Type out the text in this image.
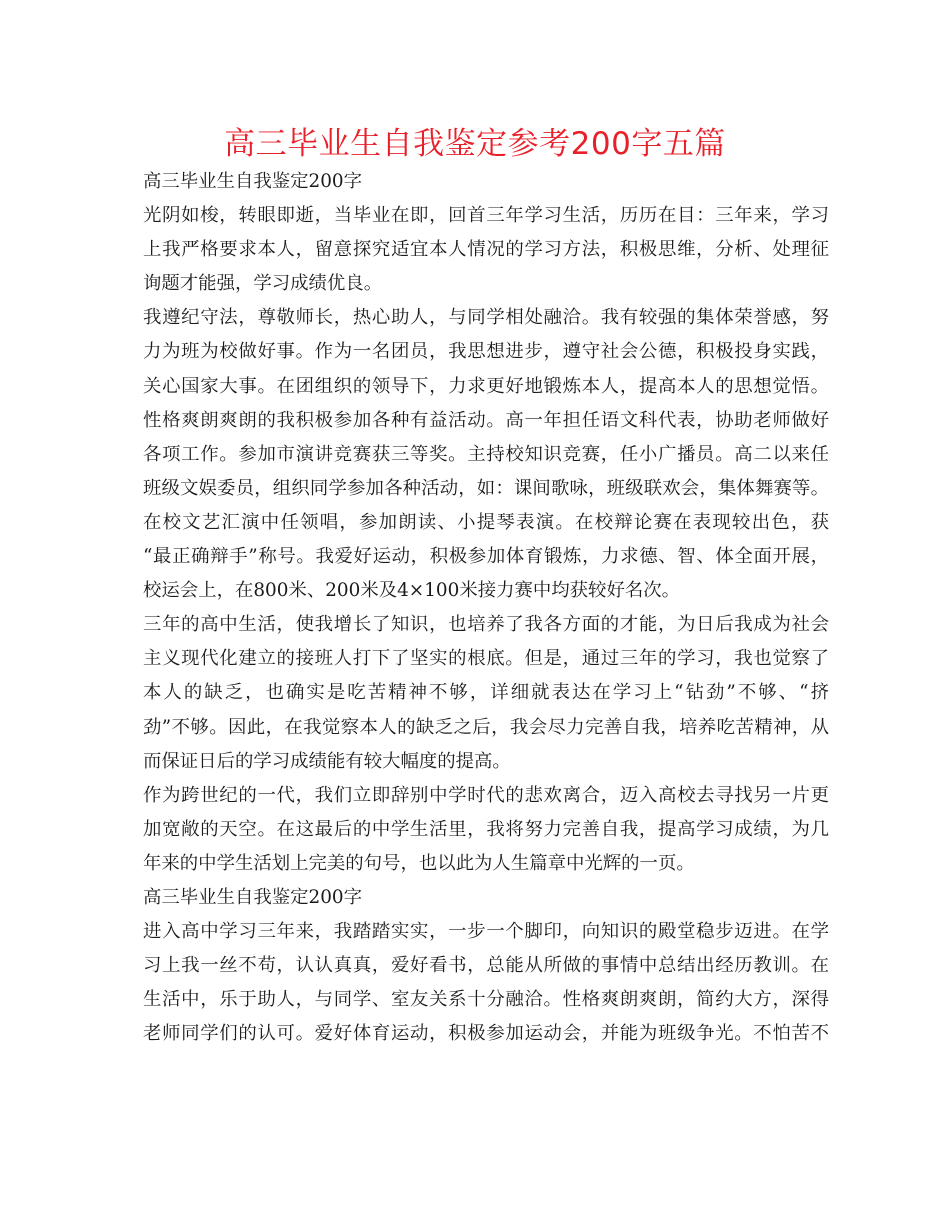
高三毕业生自我鉴定参考200字五篇
高三毕业生自我鉴定200字
光阴如梭，转眼即逝，当毕业在即，回首三年学习生活，历历在目：三年来，学习
上我严格要求本人，留意探究适宜本人情况的学习方法，积极思维，分析、处理征
询题才能强，学习成绩优良。
我遵纪守法，尊敬师长，热心助人，与同学相处融洽。我有较强的集体荣誉感，努
力为班为校做好事。作为一名团员，我思想进步，遵守社会公德，积极投身实践，
关心国家大事。在团组织的领导下，力求更好地锻炼本人，提高本人的思想觉悟。
性格爽朗爽朗的我积极参加各种有益活动。高一年担任语文科代表，协助老师做好
各项工作。参加市演讲竞赛获三等奖。主持校知识竞赛，任小广播员。高二以来任
班级文娱委员，组织同学参加各种活动，如：课间歌咏，班级联欢会，集体舞赛等。
在校文艺汇演中任领唱，参加朗读、小提琴表演。在校辩论赛在表现较出色，获
“最正确辩手”称号。我爱好运动，积极参加体育锻炼，力求德、智、体全面开展，
校运会上，在800米、200米及4×100米接力赛中均获较好名次。
三年的高中生活，使我增长了知识，也培养了我各方面的才能，为日后我成为社会
主义现代化建立的接班人打下了坚实的根底。但是，通过三年的学习，我也觉察了
本人的缺乏，也确实是吃苦精神不够，详细就表达在学习上“钻劲”不够、“挤
劲”不够。因此，在我觉察本人的缺乏之后，我会尽力完善自我，培养吃苦精神，从
而保证日后的学习成绩能有较大幅度的提高。
作为跨世纪的一代，我们立即辞别中学时代的悲欢离合，迈入高校去寻找另一片更
加宽敞的天空。在这最后的中学生活里，我将努力完善自我，提高学习成绩，为几
年来的中学生活划上完美的句号，也以此为人生篇章中光辉的一页。
高三毕业生自我鉴定200字
进入高中学习三年来，我踏踏实实，一步一个脚印，向知识的殿堂稳步迈进。在学
习上我一丝不苟，认认真真，爱好看书，总能从所做的事情中总结出经历教训。在
生活中，乐于助人，与同学、室友关系十分融洽。性格爽朗爽朗，简约大方，深得
老师同学们的认可。爱好体育运动，积极参加运动会，并能为班级争光。不怕苦不
